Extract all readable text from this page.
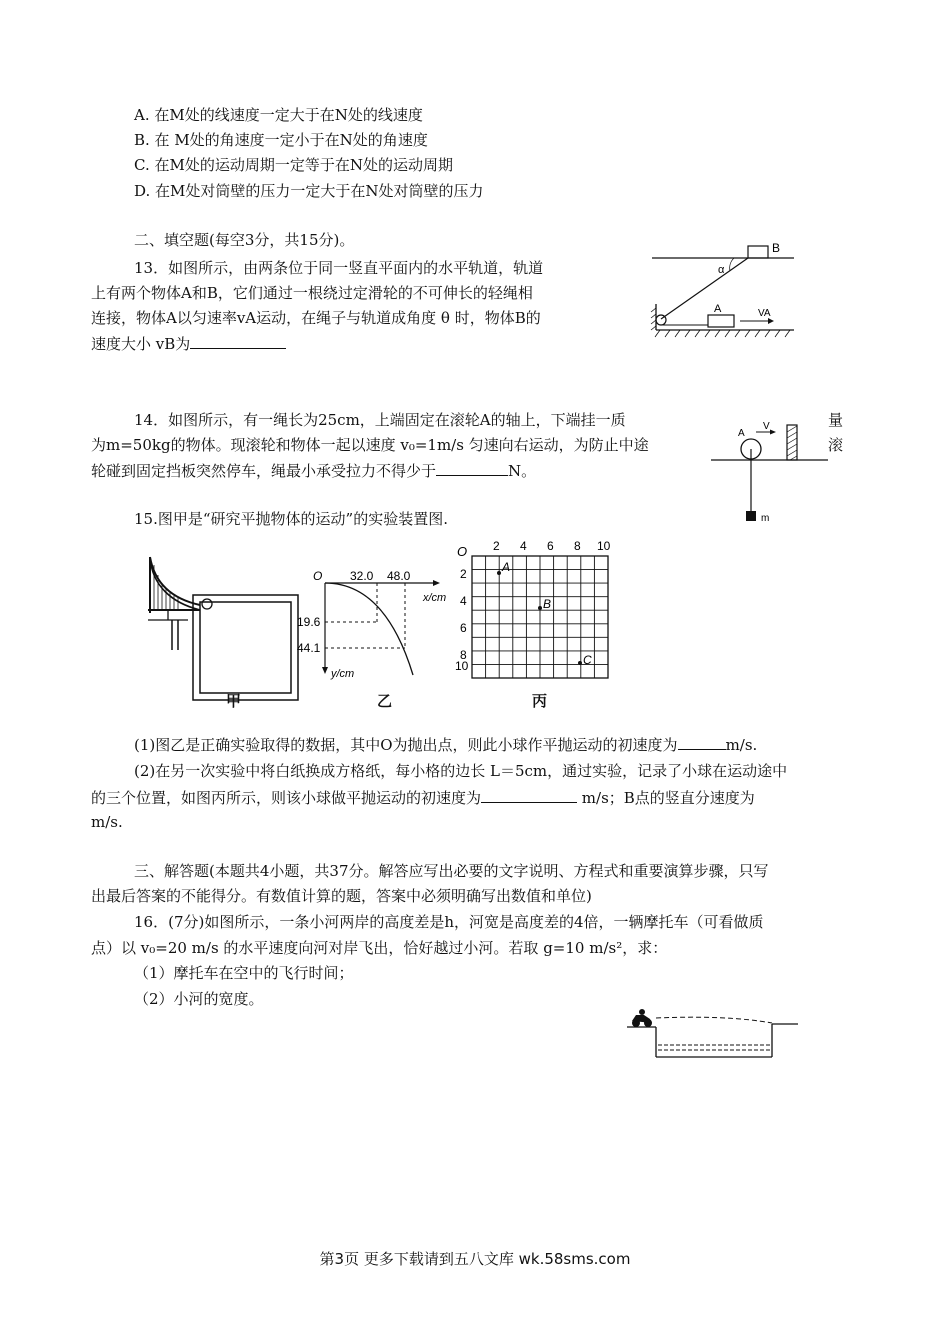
A. 在M处的线速度一定大于在N处的线速度
B. 在 M处的角速度一定小于在N处的角速度
C. 在M处的运动周期一定等于在N处的运动周期
D. 在M处对筒壁的压力一定大于在N处对筒壁的压力
二、填空题(每空3分，共15分)。
13．如图所示，由两条位于同一竖直平面内的水平轨道，轨道
上有两个物体A和B，它们通过一根绕过定滑轮的不可伸长的轻绳相
连接，物体A以匀速率vA运动，在绳子与轨道成角度 θ 时，物体B的
速度大小 vB为
B
α
A	VA
14．如图所示，有一绳长为25cm，上端固定在滚轮A的轴上，下端挂一质	量
为m=50kg的物体。现滚轮和物体一起以速度 v₀=1m/s 匀速向右运动，为防止中途	滚
轮碰到固定挡板突然停车，绳最小承受拉力不得少于	N。
A
V
m
15.图甲是“研究平抛物体的运动”的实验装置图.
O 32.0 48.0
x/cm
y/cm
19.6
44.1
O 2 4 6 8 10
2
4
6
8
10
A
B
C
甲	乙	丙
(1)图乙是正确实验取得的数据，其中O为抛出点，则此小球作平抛运动的初速度为	m/s.
(2)在另一次实验中将白纸换成方格纸，每小格的边长 L＝5cm，通过实验，记录了小球在运动途中
的三个位置，如图丙所示，则该小球做平抛运动的初速度为	m/s；B点的竖直分速度为
m/s.
三、解答题(本题共4小题，共37分。解答应写出必要的文字说明、方程式和重要演算步骤，只写
出最后答案的不能得分。有数值计算的题，答案中必须明确写出数值和单位)
16．(7分)如图所示，一条小河两岸的高度差是h，河宽是高度差的4倍，一辆摩托车（可看做质
点）以 v₀=20 m/s 的水平速度向河对岸飞出，恰好越过小河。若取 g=10 m/s²，求：
（1）摩托车在空中的飞行时间；
（2）小河的宽度。
第3页 更多下载请到五八文库 wk.58sms.com
